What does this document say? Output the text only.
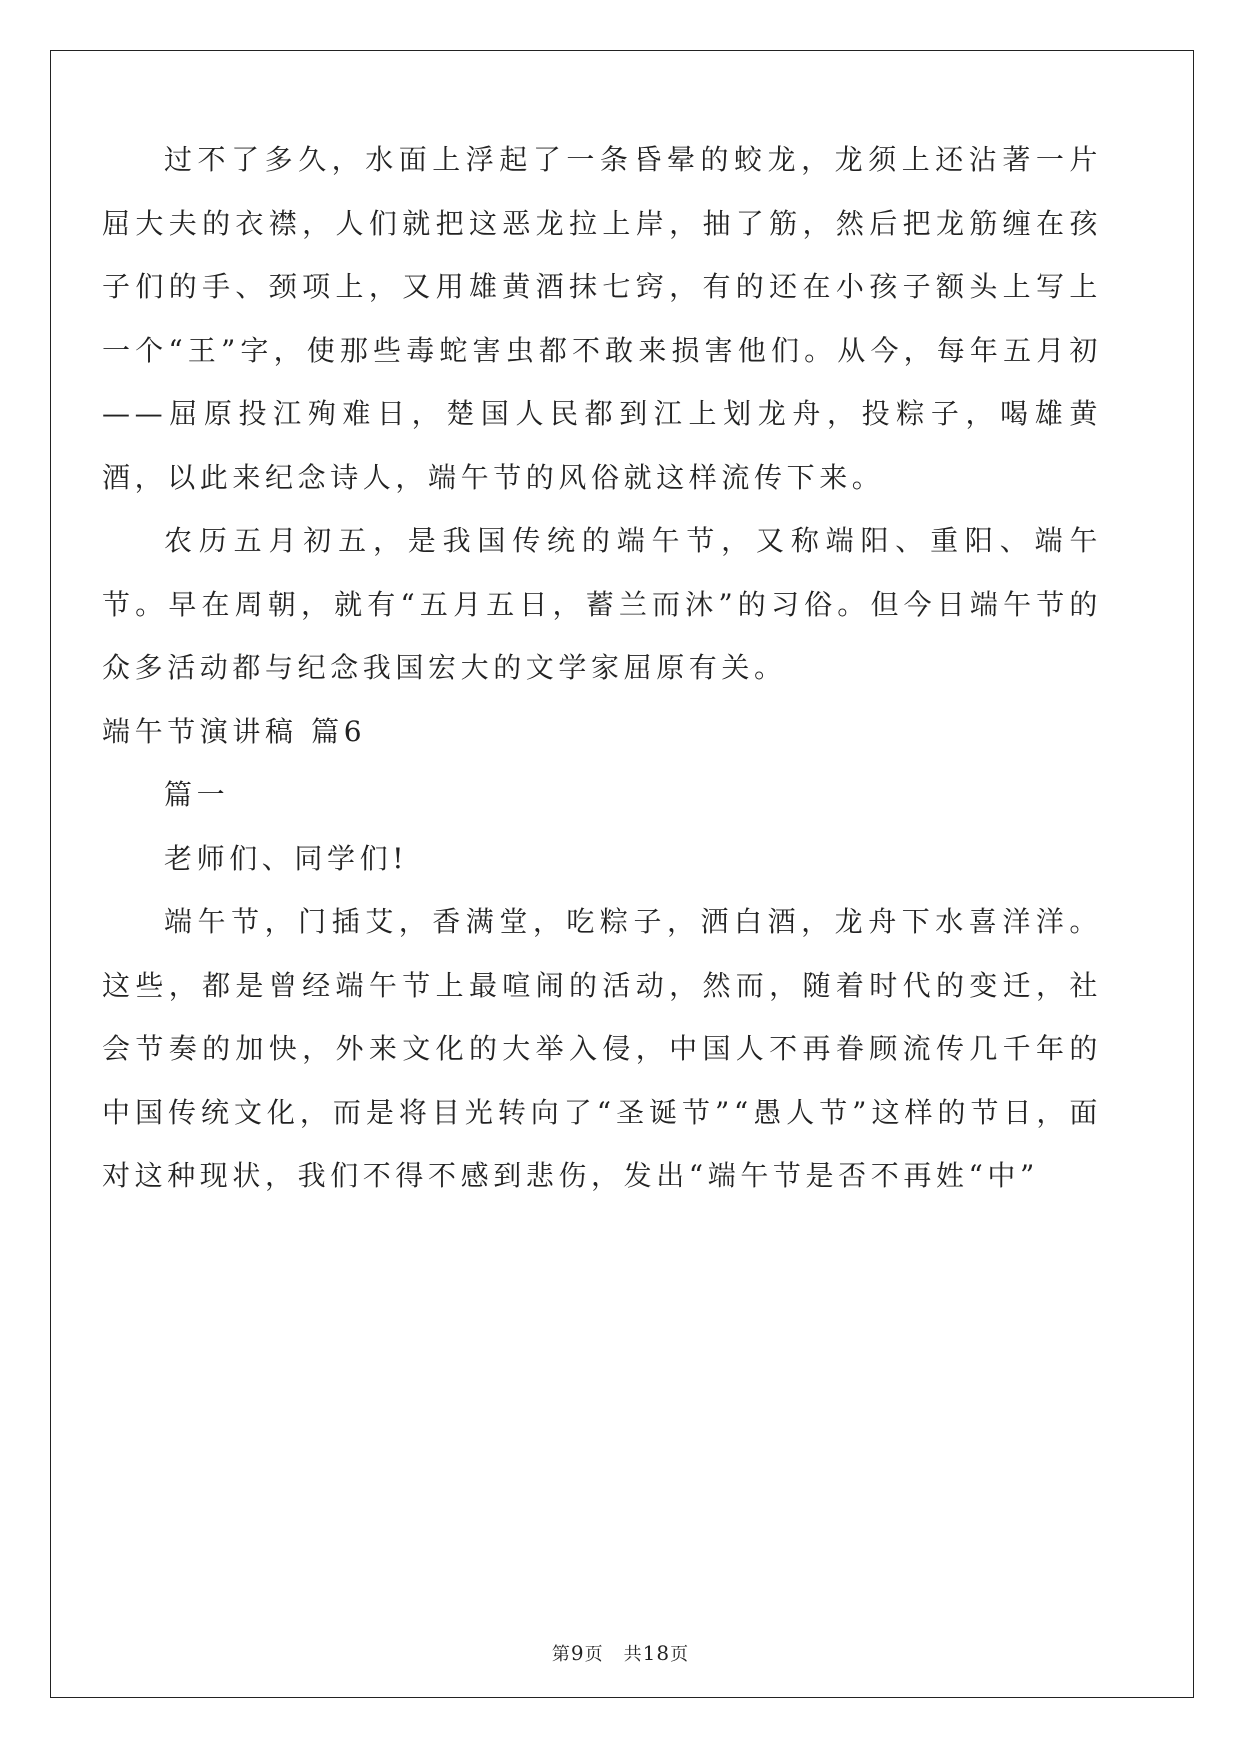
过不了多久，水面上浮起了一条昏晕的蛟龙，龙须上还沾著一片屈大夫的衣襟，人们就把这恶龙拉上岸，抽了筋，然后把龙筋缠在孩子们的手、颈项上，又用雄黄酒抹七窍，有的还在小孩子额头上写上一个“王”字，使那些毒蛇害虫都不敢来损害他们。从今，每年五月初——屈原投江殉难日，楚国人民都到江上划龙舟，投粽子，喝雄黄酒，以此来纪念诗人，端午节的风俗就这样流传下来。

农历五月初五，是我国传统的端午节，又称端阳、重阳、端午节。早在周朝，就有“五月五日，蓄兰而沐”的习俗。但今日端午节的众多活动都与纪念我国宏大的文学家屈原有关。

端午节演讲稿 篇6

篇一

老师们、同学们!

端午节，门插艾，香满堂，吃粽子，洒白酒，龙舟下水喜洋洋。这些，都是曾经端午节上最喧闹的活动，然而，随着时代的变迁，社会节奏的加快，外来文化的大举入侵，中国人不再眷顾流传几千年的中国传统文化，而是将目光转向了“圣诞节”“愚人节”这样的节日，面对这种现状，我们不得不感到悲伤，发出“端午节是否不再姓“中”

第9页 共18页
